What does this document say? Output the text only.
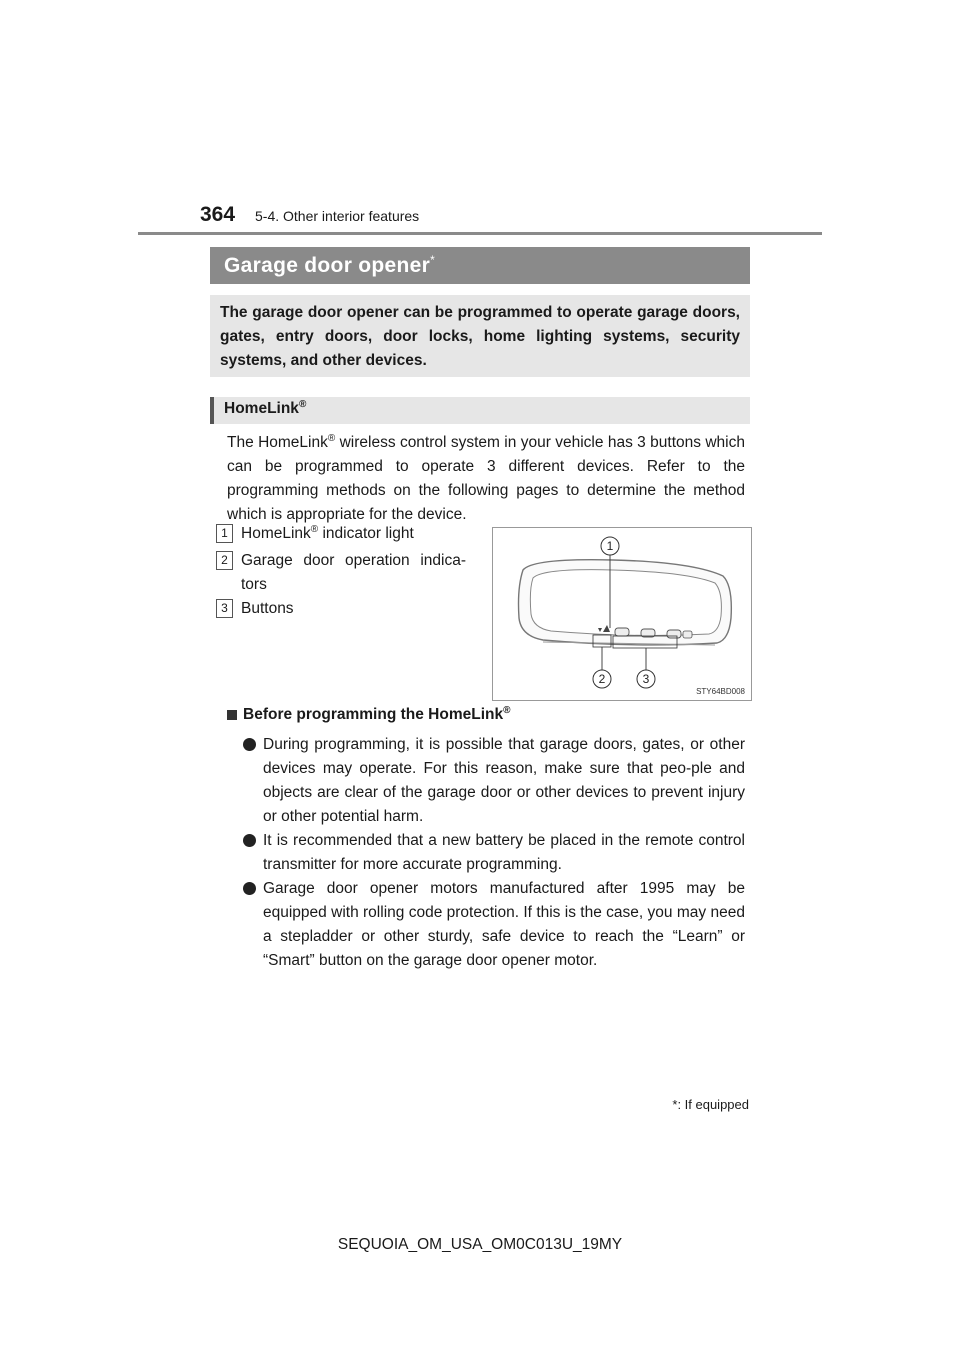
364 5-4. Other interior features
Garage door opener*
The garage door opener can be programmed to operate garage doors, gates, entry doors, door locks, home lighting systems, security systems, and other devices.
HomeLink®
The HomeLink® wireless control system in your vehicle has 3 buttons which can be programmed to operate 3 different devices. Refer to the programming methods on the following pages to determine the method which is appropriate for the device.
1 HomeLink® indicator light
2 Garage door operation indica-tors
3 Buttons
1
2	3
STY64BD008
Before programming the HomeLink®
During programming, it is possible that garage doors, gates, or other devices may operate. For this reason, make sure that peo-ple and objects are clear of the garage door or other devices to prevent injury or other potential harm.
It is recommended that a new battery be placed in the remote control transmitter for more accurate programming.
Garage door opener motors manufactured after 1995 may be equipped with rolling code protection. If this is the case, you may need a stepladder or other sturdy, safe device to reach the “Learn” or “Smart” button on the garage door opener motor.
*: If equipped
SEQUOIA_OM_USA_OM0C013U_19MY
